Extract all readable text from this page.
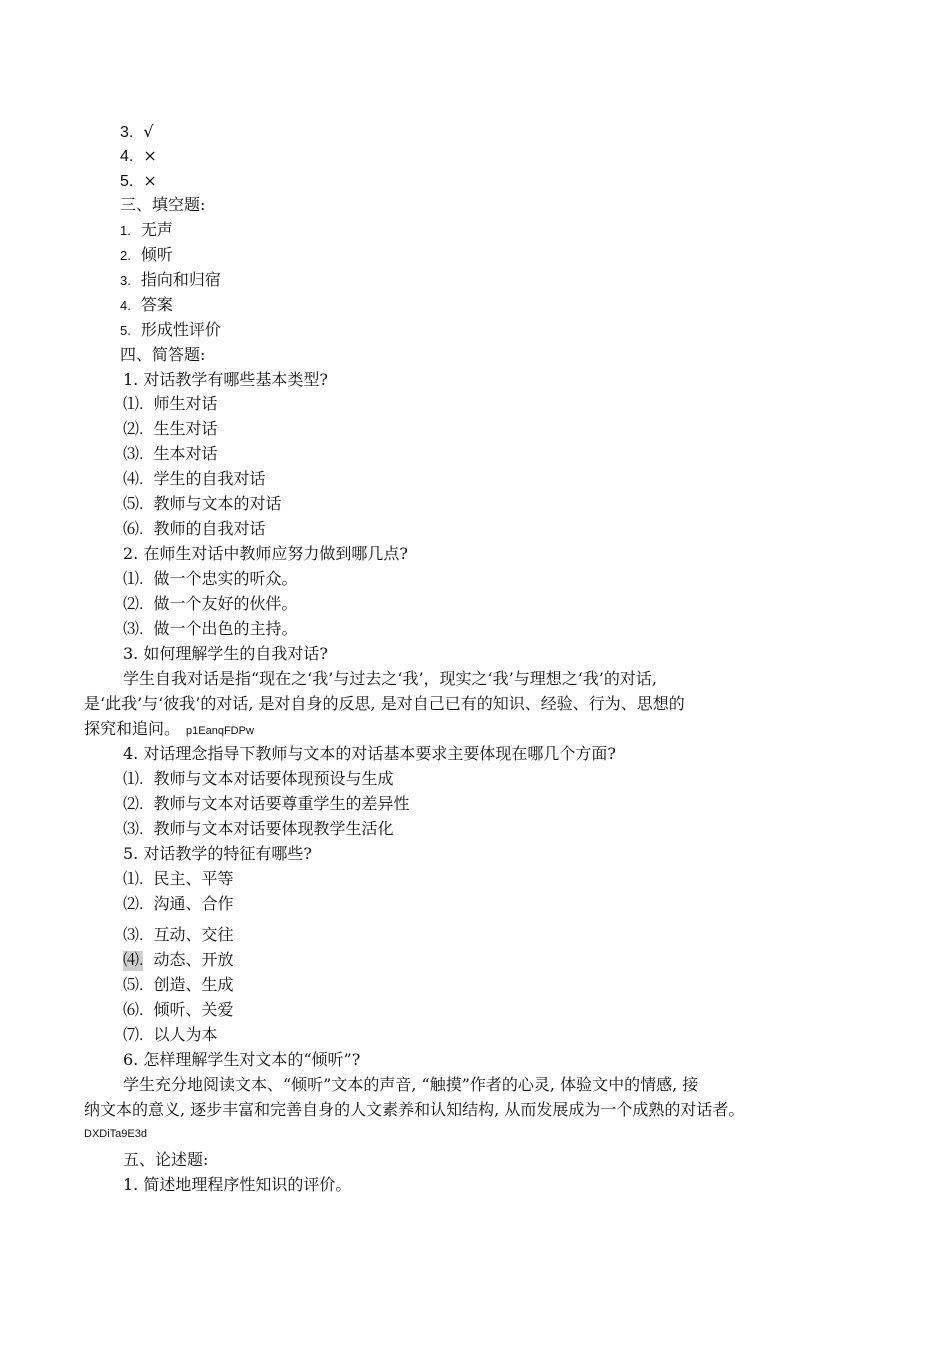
3. √
4. ×
5. ×
三、填空题:
1. 无声
2. 倾听
3. 指向和归宿
4. 答案
5. 形成性评价
四、简答题:
1. 对话教学有哪些基本类型?
⑴. 师生对话
⑵. 生生对话
⑶. 生本对话
⑷. 学生的自我对话
⑸. 教师与文本的对话
⑹. 教师的自我对话
2. 在师生对话中教师应努力做到哪几点?
⑴. 做一个忠实的听众。
⑵. 做一个友好的伙伴。
⑶. 做一个出色的主持。
3. 如何理解学生的自我对话?
学生自我对话是指“现在之‘我’与过去之‘我’，现实之‘我’与理想之‘我’的对话,
是‘此我’与‘彼我’的对话, 是对自身的反思, 是对自己已有的知识、经验、行为、思想的
探究和追问。 p1EanqFDPw
4. 对话理念指导下教师与文本的对话基本要求主要体现在哪几个方面?
⑴. 教师与文本对话要体现预设与生成
⑵. 教师与文本对话要尊重学生的差异性
⑶. 教师与文本对话要体现教学生活化
5. 对话教学的特征有哪些?
⑴. 民主、平等
⑵. 沟通、合作
⑶. 互动、交往
⑷. 动态、开放
⑸. 创造、生成
⑹. 倾听、关爱
⑺. 以人为本
6. 怎样理解学生对文本的“倾听”?
学生充分地阅读文本、“倾听”文本的声音, “触摸”作者的心灵, 体验文中的情感, 接
纳文本的意义, 逐步丰富和完善自身的人文素养和认知结构, 从而发展成为一个成熟的对话者。
DXDiTa9E3d
五、论述题:
1. 简述地理程序性知识的评价。
